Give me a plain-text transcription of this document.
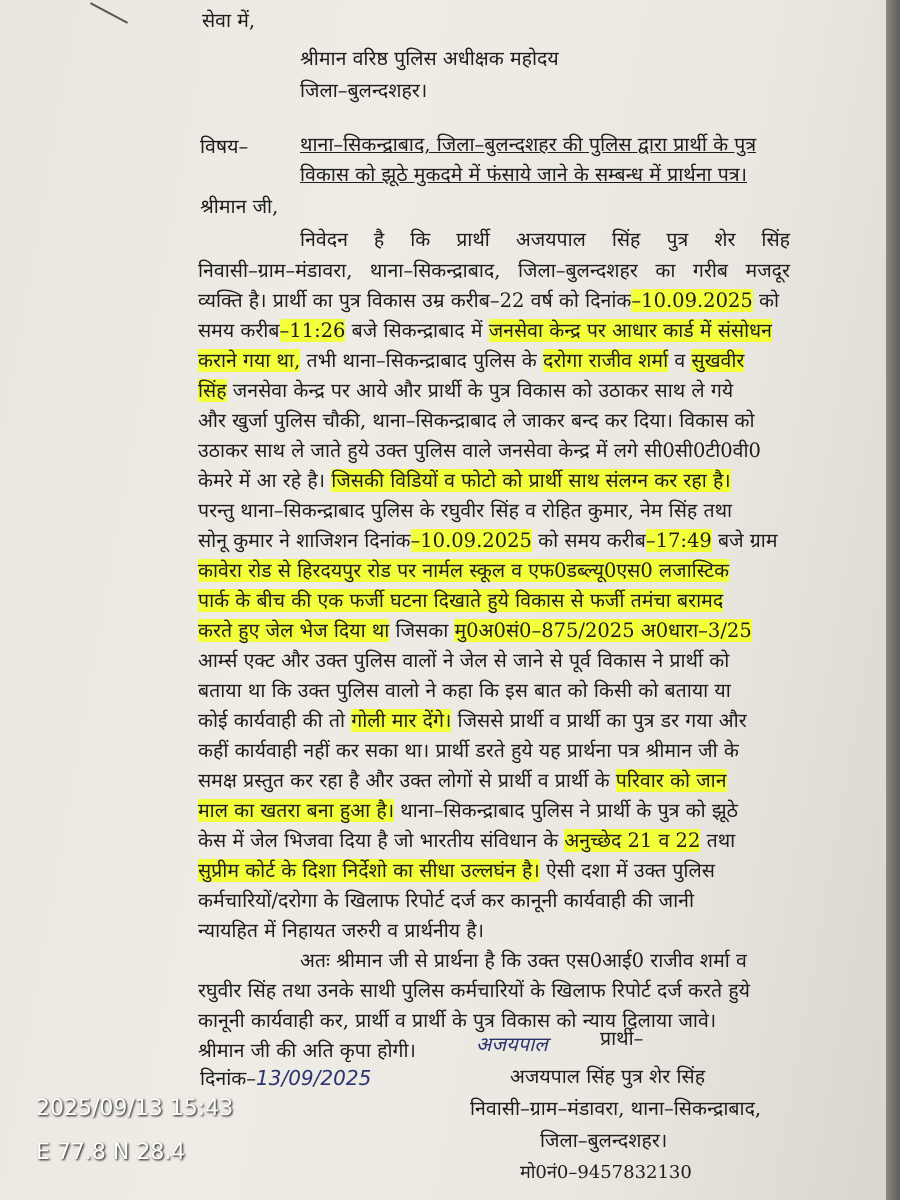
सेवा में,
श्रीमान वरिष्ठ पुलिस अधीक्षक महोदय
जिला–बुलन्दशहर।
विषय–	थाना–सिकन्द्राबाद, जिला–बुलन्दशहर की पुलिस द्वारा प्रार्थी के पुत्र
विकास को झूठे मुकदमे में फंसाये जाने के सम्बन्ध में प्रार्थना पत्र।
श्रीमान जी,
निवेदन है कि प्रार्थी अजयपाल सिंह पुत्र शेर सिंह
निवासी–ग्राम–मंडावरा, थाना–सिकन्द्राबाद, जिला–बुलन्दशहर का गरीब मजदूर
व्यक्ति है। प्रार्थी का पुत्र विकास उम्र करीब–22 वर्ष को दिनांक–10.09.2025 को
समय करीब–11:26 बजे सिकन्द्राबाद में जनसेवा केन्द्र पर आधार कार्ड में संसोधन
कराने गया था, तभी थाना–सिकन्द्राबाद पुलिस के दरोगा राजीव शर्मा व सुखवीर
सिंह जनसेवा केन्द्र पर आये और प्रार्थी के पुत्र विकास को उठाकर साथ ले गये
और खुर्जा पुलिस चौकी, थाना–सिकन्द्राबाद ले जाकर बन्द कर दिया। विकास को
उठाकर साथ ले जाते हुये उक्त पुलिस वाले जनसेवा केन्द्र में लगे सी0सी0टी0वी0
केमरे में आ रहे है। जिसकी विडियों व फोटो को प्रार्थी साथ संलग्न कर रहा है।
परन्तु थाना–सिकन्द्राबाद पुलिस के रघुवीर सिंह व रोहित कुमार, नेम सिंह तथा
सोनू कुमार ने शाजिशन दिनांक–10.09.2025 को समय करीब–17:49 बजे ग्राम
कावेरा रोड से हिरदयपुर रोड पर नार्मल स्कूल व एफ0डब्ल्यू0एस0 लजास्टिक
पार्क के बीच की एक फर्जी घटना दिखाते हुये विकास से फर्जी तमंचा बरामद
करते हुए जेल भेज दिया था जिसका मु0अ0सं0–875/2025 अ0धारा–3/25
आर्म्स एक्ट और उक्त पुलिस वालों ने जेल से जाने से पूर्व विकास ने प्रार्थी को
बताया था कि उक्त पुलिस वालो ने कहा कि इस बात को किसी को बताया या
कोई कार्यवाही की तो गोली मार देंगे। जिससे प्रार्थी व प्रार्थी का पुत्र डर गया और
कहीं कार्यवाही नहीं कर सका था। प्रार्थी डरते हुये यह प्रार्थना पत्र श्रीमान जी के
समक्ष प्रस्तुत कर रहा है और उक्त लोगों से प्रार्थी व प्रार्थी के परिवार को जान
माल का खतरा बना हुआ है। थाना–सिकन्द्राबाद पुलिस ने प्रार्थी के पुत्र को झूठे
केस में जेल भिजवा दिया है जो भारतीय संविधान के अनुच्छेद 21 व 22 तथा
सुप्रीम कोर्ट के दिशा निर्देशो का सीधा उल्लघंन है। ऐसी दशा में उक्त पुलिस
कर्मचारियों/दरोगा के खिलाफ रिपोर्ट दर्ज कर कानूनी कार्यवाही की जानी
न्यायहित में निहायत जरुरी व प्रार्थनीय है।
अतः श्रीमान जी से प्रार्थना है कि उक्त एस0आई0 राजीव शर्मा व
रघुवीर सिंह तथा उनके साथी पुलिस कर्मचारियों के खिलाफ रिपोर्ट दर्ज करते हुये
कानूनी कार्यवाही कर, प्रार्थी व प्रार्थी के पुत्र विकास को न्याय दिलाया जावे।
श्रीमान जी की अति कृपा होगी।	अजयपाल
दिनांक–13/09/2025
प्रार्थी–
अजयपाल सिंह पुत्र शेर सिंह
निवासी–ग्राम–मंडावरा, थाना–सिकन्द्राबाद,
जिला–बुलन्दशहर।
मो0नं0–9457832130
2025/09/13 15:43
E 77.8 N 28.4
